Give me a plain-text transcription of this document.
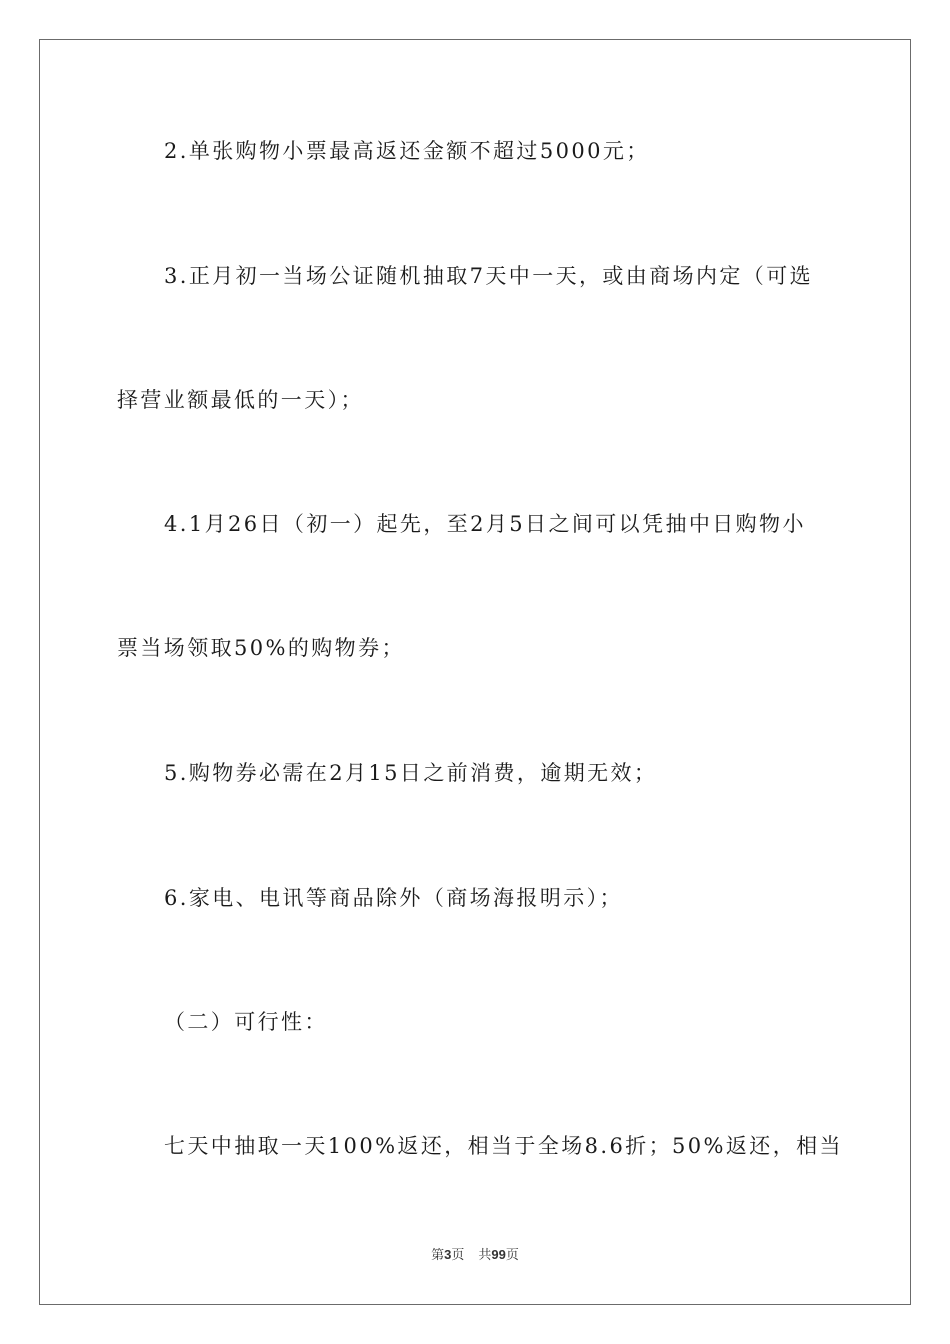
2.单张购物小票最高返还金额不超过5000元；
3.正月初一当场公证随机抽取7天中一天，或由商场内定（可选
择营业额最低的一天）；
4.1月26日（初一）起先，至2月5日之间可以凭抽中日购物小
票当场领取50%的购物券；
5.购物券必需在2月15日之前消费，逾期无效；
6.家电、电讯等商品除外（商场海报明示）；
（二）可行性：
七天中抽取一天100%返还，相当于全场8.6折；50%返还，相当
第3页 共99页
